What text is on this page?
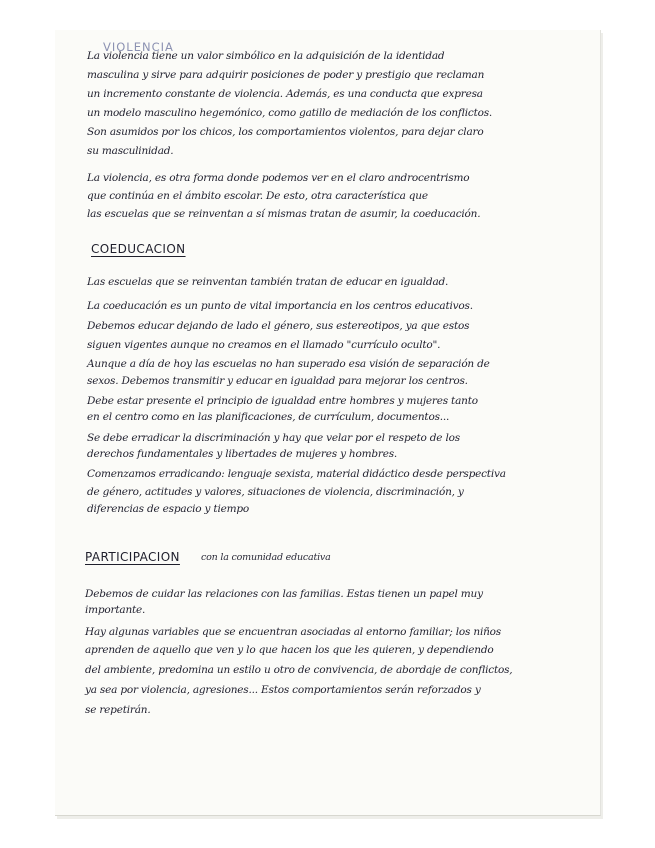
VIOLENCIA

La violencia tiene un valor simbólico en la adquisición de la identidad

masculina y sirve para adquirir posiciones de poder y prestigio que reclaman

un incremento constante de violencia. Además, es una conducta que expresa

un modelo masculino hegemónico, como gatillo de mediación de los conflictos.

Son asumidos por los chicos, los comportamientos violentos, para dejar claro

su masculinidad.

La violencia, es otra forma donde podemos ver en el claro androcentrismo

que continúa en el ámbito escolar. De esto, otra característica que

las escuelas que se reinventan a sí mismas tratan de asumir, la coeducación.

COEDUCACION

Las escuelas que se reinventan también tratan de educar en igualdad.

La coeducación es un punto de vital importancia en los centros educativos.

Debemos educar dejando de lado el género, sus estereotipos, ya que estos

siguen vigentes aunque no creamos en el llamado "currículo oculto".

Aunque a día de hoy las escuelas no han superado esa visión de separación de

sexos. Debemos transmitir y educar en igualdad para mejorar los centros.

Debe estar presente el principio de igualdad entre hombres y mujeres tanto

en el centro como en las planificaciones, de currículum, documentos...

Se debe erradicar la discriminación y hay que velar por el respeto de los

derechos fundamentales y libertades de mujeres y hombres.

Comenzamos erradicando: lenguaje sexista, material didáctico desde perspectiva

de género, actitudes y valores, situaciones de violencia, discriminación, y

diferencias de espacio y tiempo

PARTICIPACION con la comunidad educativa

Debemos de cuidar las relaciones con las familias. Estas tienen un papel muy

importante.

Hay algunas variables que se encuentran asociadas al entorno familiar; los niños

aprenden de aquello que ven y lo que hacen los que les quieren, y dependiendo

del ambiente, predomina un estilo u otro de convivencia, de abordaje de conflictos,

ya sea por violencia, agresiones... Estos comportamientos serán reforzados y

se repetirán.
